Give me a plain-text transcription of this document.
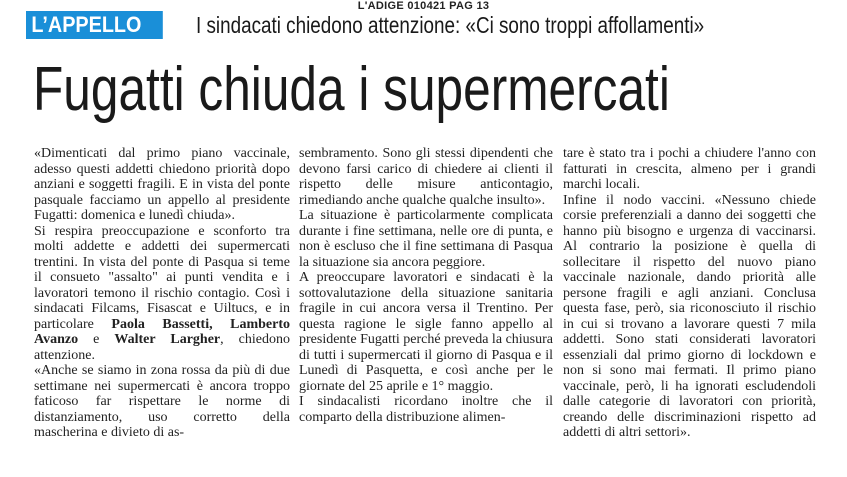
L'ADIGE 010421 PAG 13
L’APPELLO	I sindacati chiedono attenzione: «Ci sono troppi affollamenti»
Fugatti chiuda i supermercati

«Dimenticati dal primo piano vaccinale, adesso questi addetti chiedono priorità dopo anziani e soggetti fragili. E in vista del ponte pasquale facciamo un appello al presidente Fugatti: domenica e lunedì chiuda».

Si respira preoccupazione e sconforto tra molti addette e addetti dei supermercati trentini. In vista del ponte di Pasqua si teme il consueto "assalto" ai punti vendita e i lavoratori temono il rischio contagio. Così i sindacati Filcams, Fisascat e Uiltucs, e in particolare Paola Bassetti, Lamberto Avanzo e Walter Largher, chiedono attenzione.

«Anche se siamo in zona rossa da più di due settimane nei supermercati è ancora troppo faticoso far rispettare le norme di distanziamento, uso corretto della mascherina e divieto di as-

sembramento. Sono gli stessi dipendenti che devono farsi carico di chiedere ai clienti il rispetto delle misure anticontagio, rimediando anche qualche qualche insulto».

La situazione è particolarmente complicata durante i fine settimana, nelle ore di punta, e non è escluso che il fine settimana di Pasqua la situazione sia ancora peggiore.

A preoccupare lavoratori e sindacati è la sottovalutazione della situazione sanitaria fragile in cui ancora versa il Trentino. Per questa ragione le sigle fanno appello al presidente Fugatti perché preveda la chiusura di tutti i supermercati il giorno di Pasqua e il Lunedì di Pasquetta, e così anche per le giornate del 25 aprile e 1° maggio.

I sindacalisti ricordano inoltre che il comparto della distribuzione alimen-

tare è stato tra i pochi a chiudere l'anno con fatturati in crescita, almeno per i grandi marchi locali.

Infine il nodo vaccini. «Nessuno chiede corsie preferenziali a danno dei soggetti che hanno più bisogno e urgenza di vaccinarsi. Al contrario la posizione è quella di sollecitare il rispetto del nuovo piano vaccinale nazionale, dando priorità alle persone fragili e agli anziani. Conclusa questa fase, però, sia riconosciuto il rischio in cui si trovano a lavorare questi 7 mila addetti. Sono stati considerati lavoratori essenziali dal primo giorno di lockdown e non si sono mai fermati. Il primo piano vaccinale, però, li ha ignorati escludendoli dalle categorie di lavoratori con priorità, creando delle discriminazioni rispetto ad addetti di altri settori».
